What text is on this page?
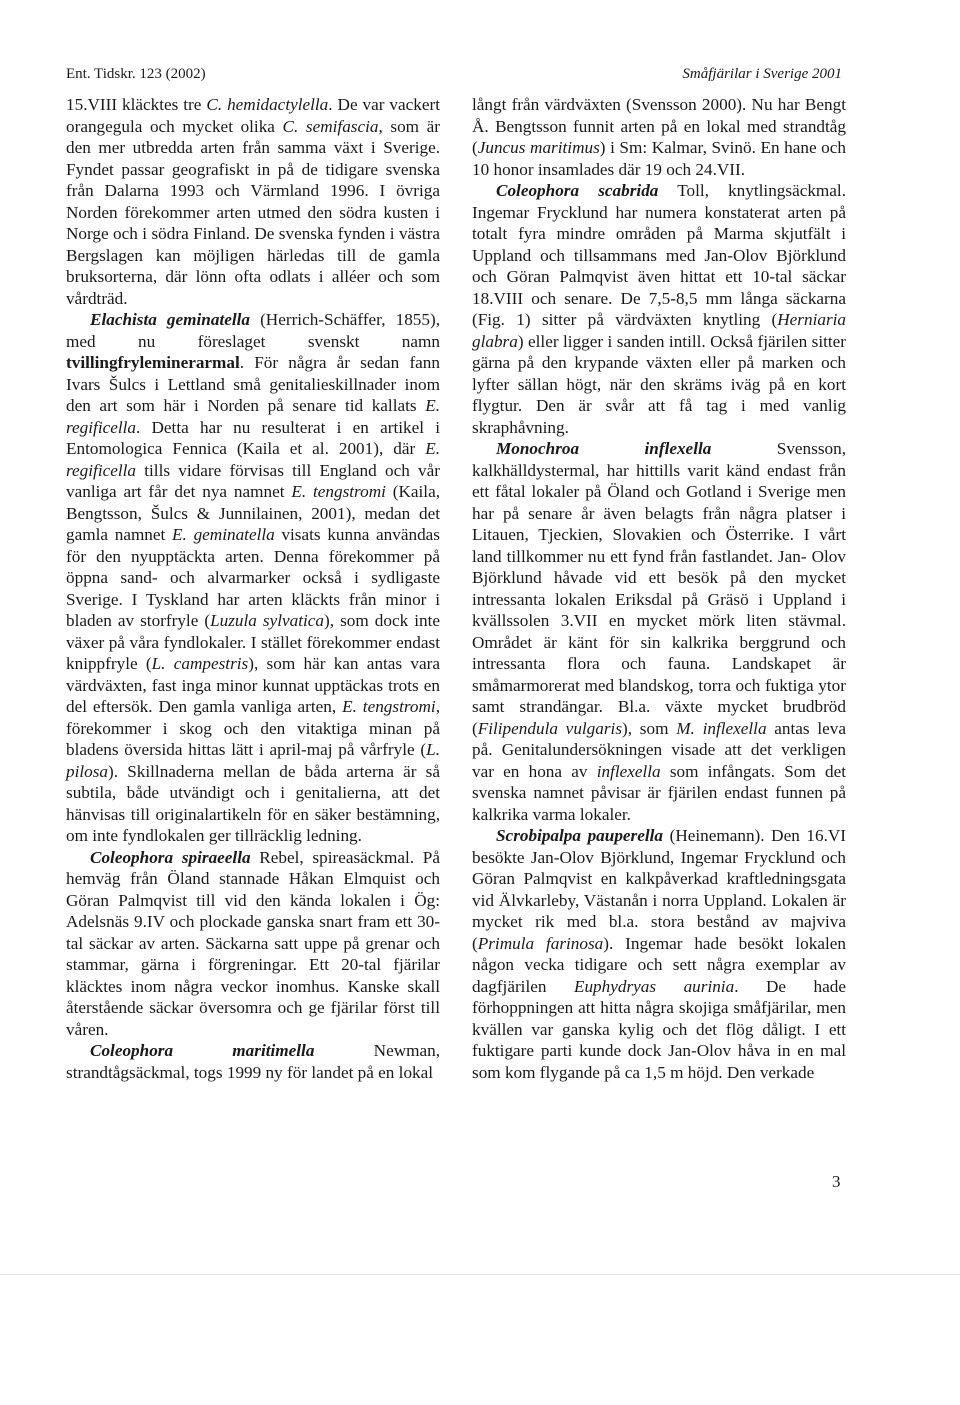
Ent. Tidskr. 123 (2002)	Småfjärilar i Sverige 2001

15.VIII kläcktes tre C. hemidactylella. De var vackert orangegula och mycket olika C. semifascia, som är den mer utbredda arten från samma växt i Sverige. Fyndet passar geografiskt in på de tidigare svenska från Dalarna 1993 och Värmland 1996. I övriga Norden förekommer arten utmed den södra kusten i Norge och i södra Finland. De svenska fynden i västra Bergslagen kan möjligen härledas till de gamla bruksorterna, där lönn ofta odlats i alléer och som vårdträd.

Elachista geminatella (Herrich-Schäffer, 1855), med nu föreslaget svenskt namn tvillingfryleminerarmal. För några år sedan fann Ivars Šulcs i Lettland små genitalieskillnader inom den art som här i Norden på senare tid kallats E. regificella. Detta har nu resulterat i en artikel i Entomologica Fennica (Kaila et al. 2001), där E. regificella tills vidare förvisas till England och vår vanliga art får det nya namnet E. tengstromi (Kaila, Bengtsson, Šulcs & Junnilainen, 2001), medan det gamla namnet E. geminatella visats kunna användas för den nyupptäckta arten. Denna förekommer på öppna sand- och alvarmarker också i sydligaste Sverige. I Tyskland har arten kläckts från minor i bladen av storfryle (Luzula sylvatica), som dock inte växer på våra fyndlokaler. I stället förekommer endast knippfryle (L. campestris), som här kan antas vara värdväxten, fast inga minor kunnat upptäckas trots en del eftersök. Den gamla vanliga arten, E. tengstromi, förekommer i skog och den vitaktiga minan på bladens översida hittas lätt i april-maj på vårfryle (L. pilosa). Skillnaderna mellan de båda arterna är så subtila, både utvändigt och i genitalierna, att det hänvisas till originalartikeln för en säker bestämning, om inte fyndlokalen ger tillräcklig ledning.

Coleophora spiraeella Rebel, spireasäckmal. På hemväg från Öland stannade Håkan Elmquist och Göran Palmqvist till vid den kända lokalen i Ög: Adelsnäs 9.IV och plockade ganska snart fram ett 30-tal säckar av arten. Säckarna satt uppe på grenar och stammar, gärna i förgreningar. Ett 20-tal fjärilar kläcktes inom några veckor inomhus. Kanske skall återstående säckar översomra och ge fjärilar först till våren.

Coleophora maritimella Newman, strandtågsäckmal, togs 1999 ny för landet på en lokal

långt från värdväxten (Svensson 2000). Nu har Bengt Å. Bengtsson funnit arten på en lokal med strandtåg (Juncus maritimus) i Sm: Kalmar, Svinö. En hane och 10 honor insamlades där 19 och 24.VII.

Coleophora scabrida Toll, knytlingsäckmal. Ingemar Frycklund har numera konstaterat arten på totalt fyra mindre områden på Marma skjutfält i Uppland och tillsammans med Jan-Olov Björklund och Göran Palmqvist även hittat ett 10-tal säckar 18.VIII och senare. De 7,5-8,5 mm långa säckarna (Fig. 1) sitter på värdväxten knytling (Herniaria glabra) eller ligger i sanden intill. Också fjärilen sitter gärna på den krypande växten eller på marken och lyfter sällan högt, när den skräms iväg på en kort flygtur. Den är svår att få tag i med vanlig skraphåvning.

Monochroa inflexella Svensson, kalkhälldystermal, har hittills varit känd endast från ett fåtal lokaler på Öland och Gotland i Sverige men har på senare år även belagts från några platser i Litauen, Tjeckien, Slovakien och Österrike. I vårt land tillkommer nu ett fynd från fastlandet. Jan- Olov Björklund håvade vid ett besök på den mycket intressanta lokalen Eriksdal på Gräsö i Uppland i kvällssolen 3.VII en mycket mörk liten stävmal. Området är känt för sin kalkrika berggrund och intressanta flora och fauna. Landskapet är småmarmorerat med blandskog, torra och fuktiga ytor samt strandängar. Bl.a. växte mycket brudbröd (Filipendula vulgaris), som M. inflexella antas leva på. Genitalundersökningen visade att det verkligen var en hona av inflexella som infångats. Som det svenska namnet påvisar är fjärilen endast funnen på kalkrika varma lokaler.

Scrobipalpa pauperella (Heinemann). Den 16.VI besökte Jan-Olov Björklund, Ingemar Frycklund och Göran Palmqvist en kalkpåverkad kraftledningsgata vid Älvkarleby, Västanån i norra Uppland. Lokalen är mycket rik med bl.a. stora bestånd av majviva (Primula farinosa). Ingemar hade besökt lokalen någon vecka tidigare och sett några exemplar av dagfjärilen Euphydryas aurinia. De hade förhoppningen att hitta några skojiga småfjärilar, men kvällen var ganska kylig och det flög dåligt. I ett fuktigare parti kunde dock Jan-Olov håva in en mal som kom flygande på ca 1,5 m höjd. Den verkade

3
